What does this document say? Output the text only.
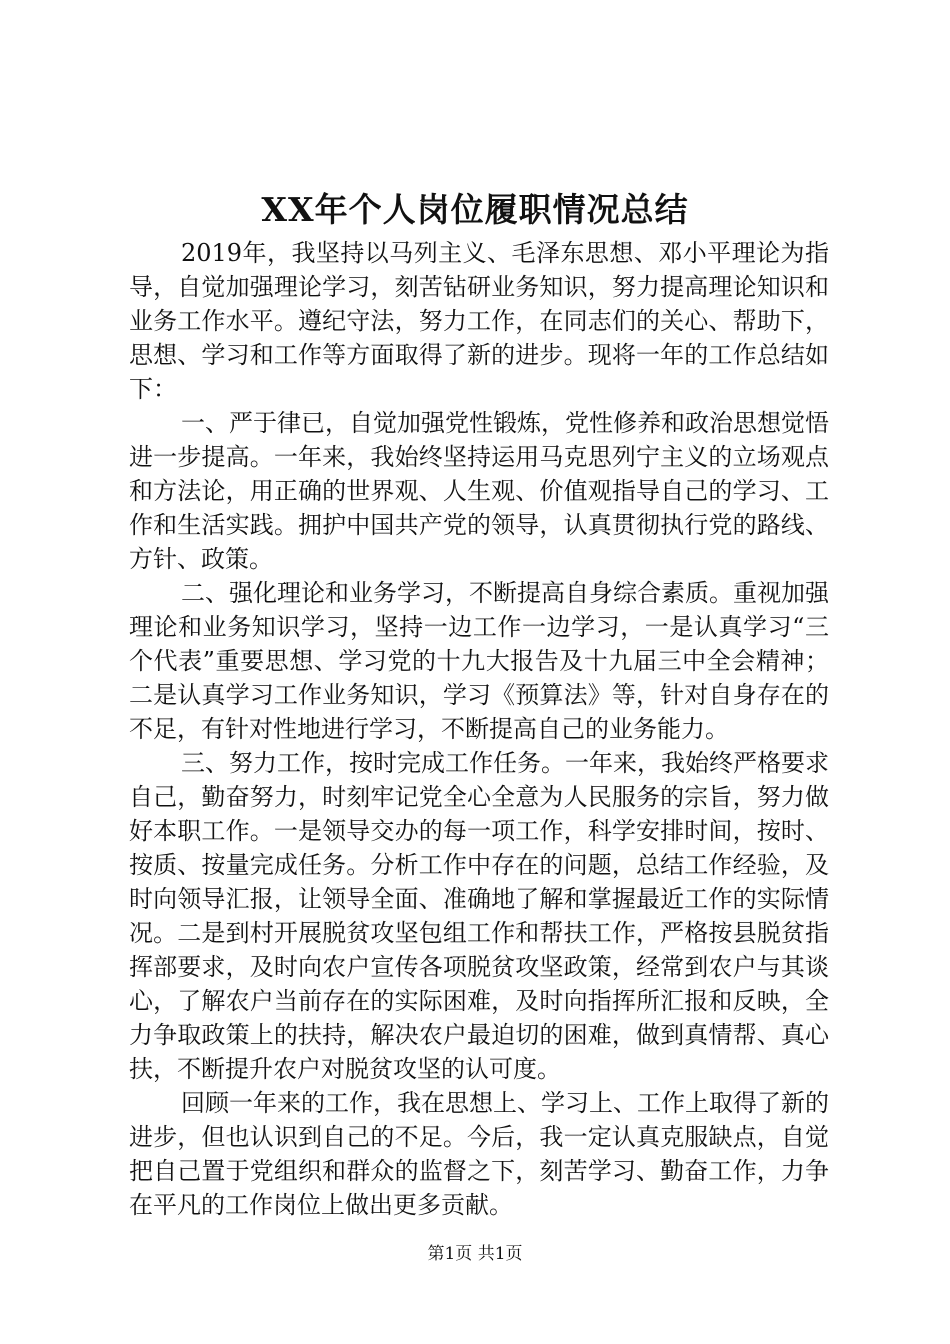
XX年个人岗位履职情况总结

2019年，我坚持以马列主义、毛泽东思想、邓小平理论为指导，自觉加强理论学习，刻苦钻研业务知识，努力提高理论知识和业务工作水平。遵纪守法，努力工作，在同志们的关心、帮助下，思想、学习和工作等方面取得了新的进步。现将一年的工作总结如下：

一、严于律已，自觉加强党性锻炼，党性修养和政治思想觉悟进一步提高。一年来，我始终坚持运用马克思列宁主义的立场观点和方法论，用正确的世界观、人生观、价值观指导自己的学习、工作和生活实践。拥护中国共产党的领导，认真贯彻执行党的路线、方针、政策。

二、强化理论和业务学习，不断提高自身综合素质。重视加强理论和业务知识学习，坚持一边工作一边学习，一是认真学习“三个代表”重要思想、学习党的十九大报告及十九届三中全会精神；二是认真学习工作业务知识，学习《预算法》等，针对自身存在的不足，有针对性地进行学习，不断提高自己的业务能力。

三、努力工作，按时完成工作任务。一年来，我始终严格要求自己，勤奋努力，时刻牢记党全心全意为人民服务的宗旨，努力做好本职工作。一是领导交办的每一项工作，科学安排时间，按时、按质、按量完成任务。分析工作中存在的问题，总结工作经验，及时向领导汇报，让领导全面、准确地了解和掌握最近工作的实际情况。二是到村开展脱贫攻坚包组工作和帮扶工作，严格按县脱贫指挥部要求，及时向农户宣传各项脱贫攻坚政策，经常到农户与其谈心，了解农户当前存在的实际困难，及时向指挥所汇报和反映，全力争取政策上的扶持，解决农户最迫切的困难，做到真情帮、真心扶，不断提升农户对脱贫攻坚的认可度。

回顾一年来的工作，我在思想上、学习上、工作上取得了新的进步，但也认识到自己的不足。今后，我一定认真克服缺点，自觉把自己置于党组织和群众的监督之下，刻苦学习、勤奋工作，力争在平凡的工作岗位上做出更多贡献。

第1页 共1页
